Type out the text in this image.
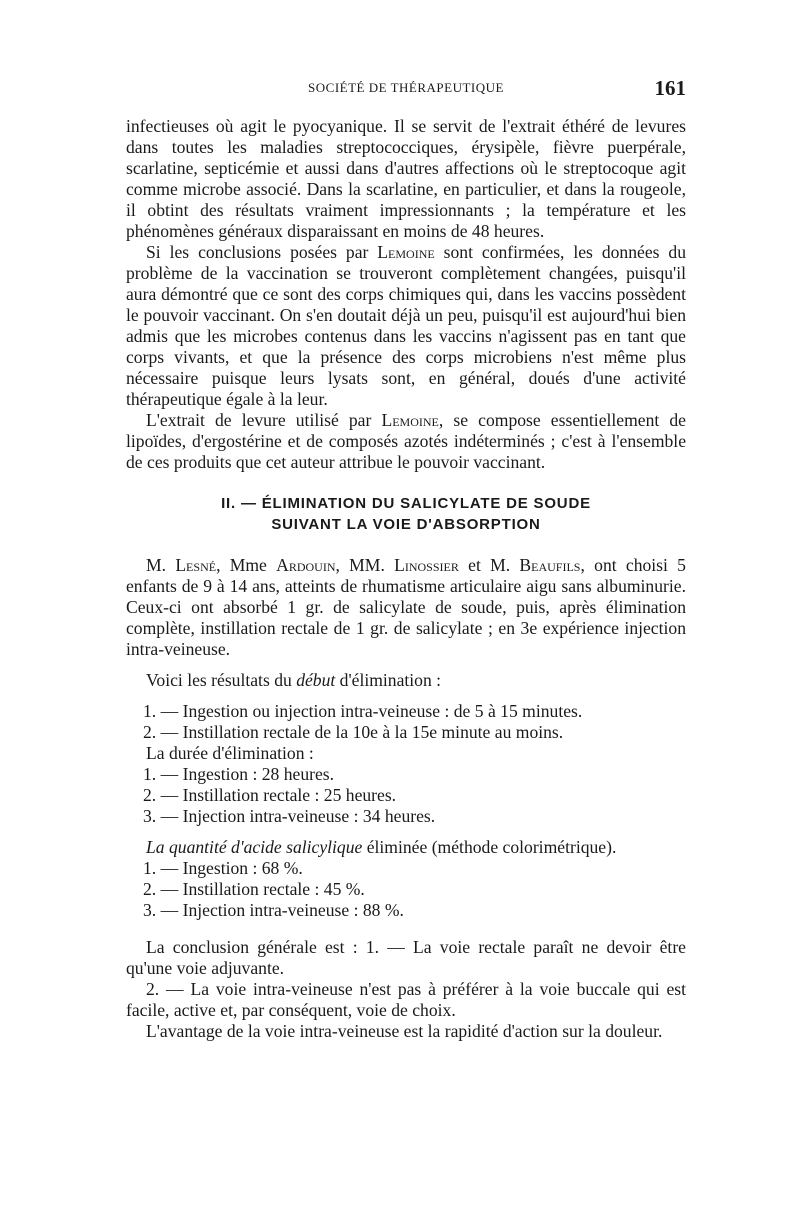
SOCIÉTÉ DE THÉRAPEUTIQUE	161

infectieuses où agit le pyocyanique. Il se servit de l'extrait éthéré de levures dans toutes les maladies streptococciques, érysipèle, fièvre puerpérale, scarlatine, septicémie et aussi dans d'autres affections où le streptocoque agit comme microbe associé. Dans la scarlatine, en particulier, et dans la rougeole, il obtint des résultats vraiment impressionnants ; la température et les phénomènes généraux disparaissant en moins de 48 heures.

Si les conclusions posées par Lemoine sont confirmées, les données du problème de la vaccination se trouveront complètement changées, puisqu'il aura démontré que ce sont des corps chimiques qui, dans les vaccins possèdent le pouvoir vaccinant. On s'en doutait déjà un peu, puisqu'il est aujourd'hui bien admis que les microbes contenus dans les vaccins n'agissent pas en tant que corps vivants, et que la présence des corps microbiens n'est même plus nécessaire puisque leurs lysats sont, en général, doués d'une activité thérapeutique égale à la leur.

L'extrait de levure utilisé par Lemoine, se compose essentiellement de lipoïdes, d'ergostérine et de composés azotés indéterminés ; c'est à l'ensemble de ces produits que cet auteur attribue le pouvoir vaccinant.

II. — ÉLIMINATION DU SALICYLATE DE SOUDE
SUIVANT LA VOIE D'ABSORPTION

M. Lesné, Mme Ardouin, MM. Linossier et M. Beaufils, ont choisi 5 enfants de 9 à 14 ans, atteints de rhumatisme articulaire aigu sans albuminurie. Ceux-ci ont absorbé 1 gr. de salicylate de soude, puis, après élimination complète, instillation rectale de 1 gr. de salicylate ; en 3e expérience injection intra-veineuse.

Voici les résultats du début d'élimination :

1. — Ingestion ou injection intra-veineuse : de 5 à 15 minutes.

2. — Instillation rectale de la 10e à la 15e minute au moins.

La durée d'élimination :

1. — Ingestion : 28 heures.

2. — Instillation rectale : 25 heures.

3. — Injection intra-veineuse : 34 heures.

La quantité d'acide salicylique éliminée (méthode colorimétrique).

1. — Ingestion : 68 %.

2. — Instillation rectale : 45 %.

3. — Injection intra-veineuse : 88 %.

La conclusion générale est : 1. — La voie rectale paraît ne devoir être qu'une voie adjuvante.

2. — La voie intra-veineuse n'est pas à préférer à la voie buccale qui est facile, active et, par conséquent, voie de choix.

L'avantage de la voie intra-veineuse est la rapidité d'action sur la douleur.
